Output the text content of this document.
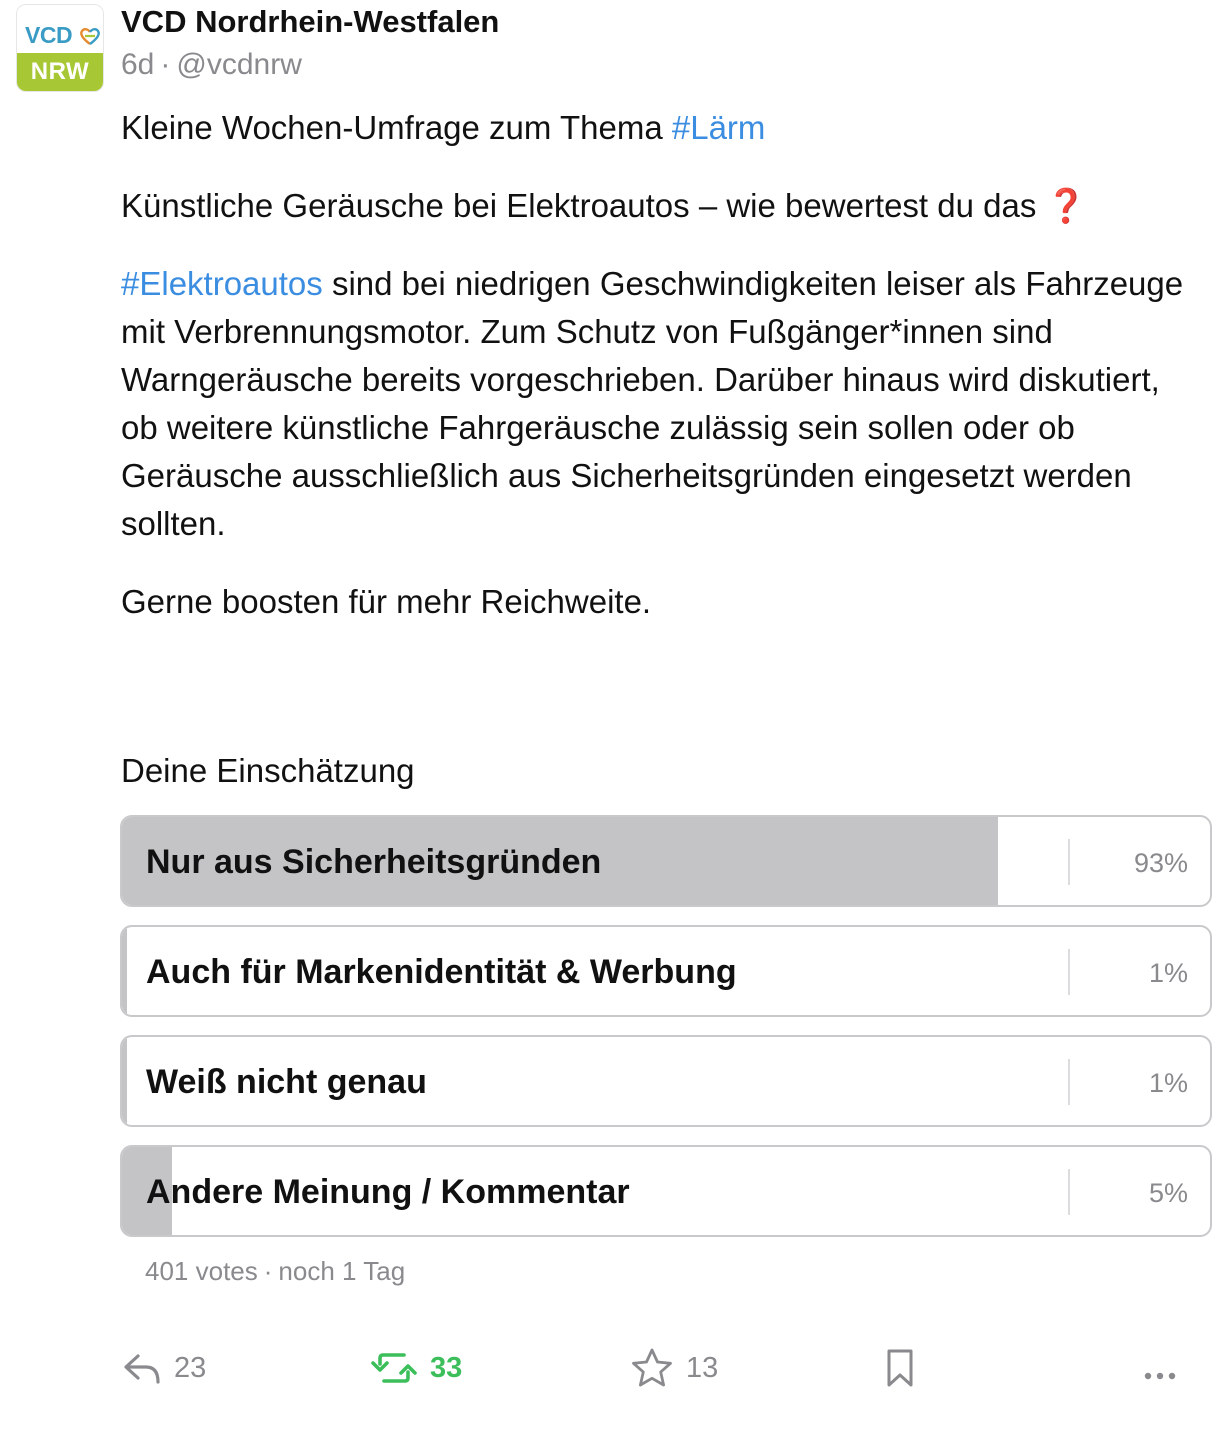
VCD
NRW
VCD Nordrhein-Westfalen
6d · @vcdnrw

Kleine Wochen-Umfrage zum Thema #Lärm

Künstliche Geräusche bei Elektroautos – wie bewertest du das ❓

#Elektroautos sind bei niedrigen Geschwindigkeiten leiser als Fahrzeuge mit Verbrennungsmotor. Zum Schutz von Fußgänger*innen sind Warngeräusche bereits vorgeschrieben. Darüber hinaus wird diskutiert, ob weitere künstliche Fahrgeräusche zulässig sein sollen oder ob Geräusche ausschließlich aus Sicherheitsgründen eingesetzt werden sollten.

Gerne boosten für mehr Reichweite.

Deine Einschätzung
Nur aus Sicherheitsgründen	93%
Auch für Markenidentität & Werbung	1%
Weiß nicht genau	1%
Andere Meinung / Kommentar	5%
401 votes · noch 1 Tag
23	33	13
